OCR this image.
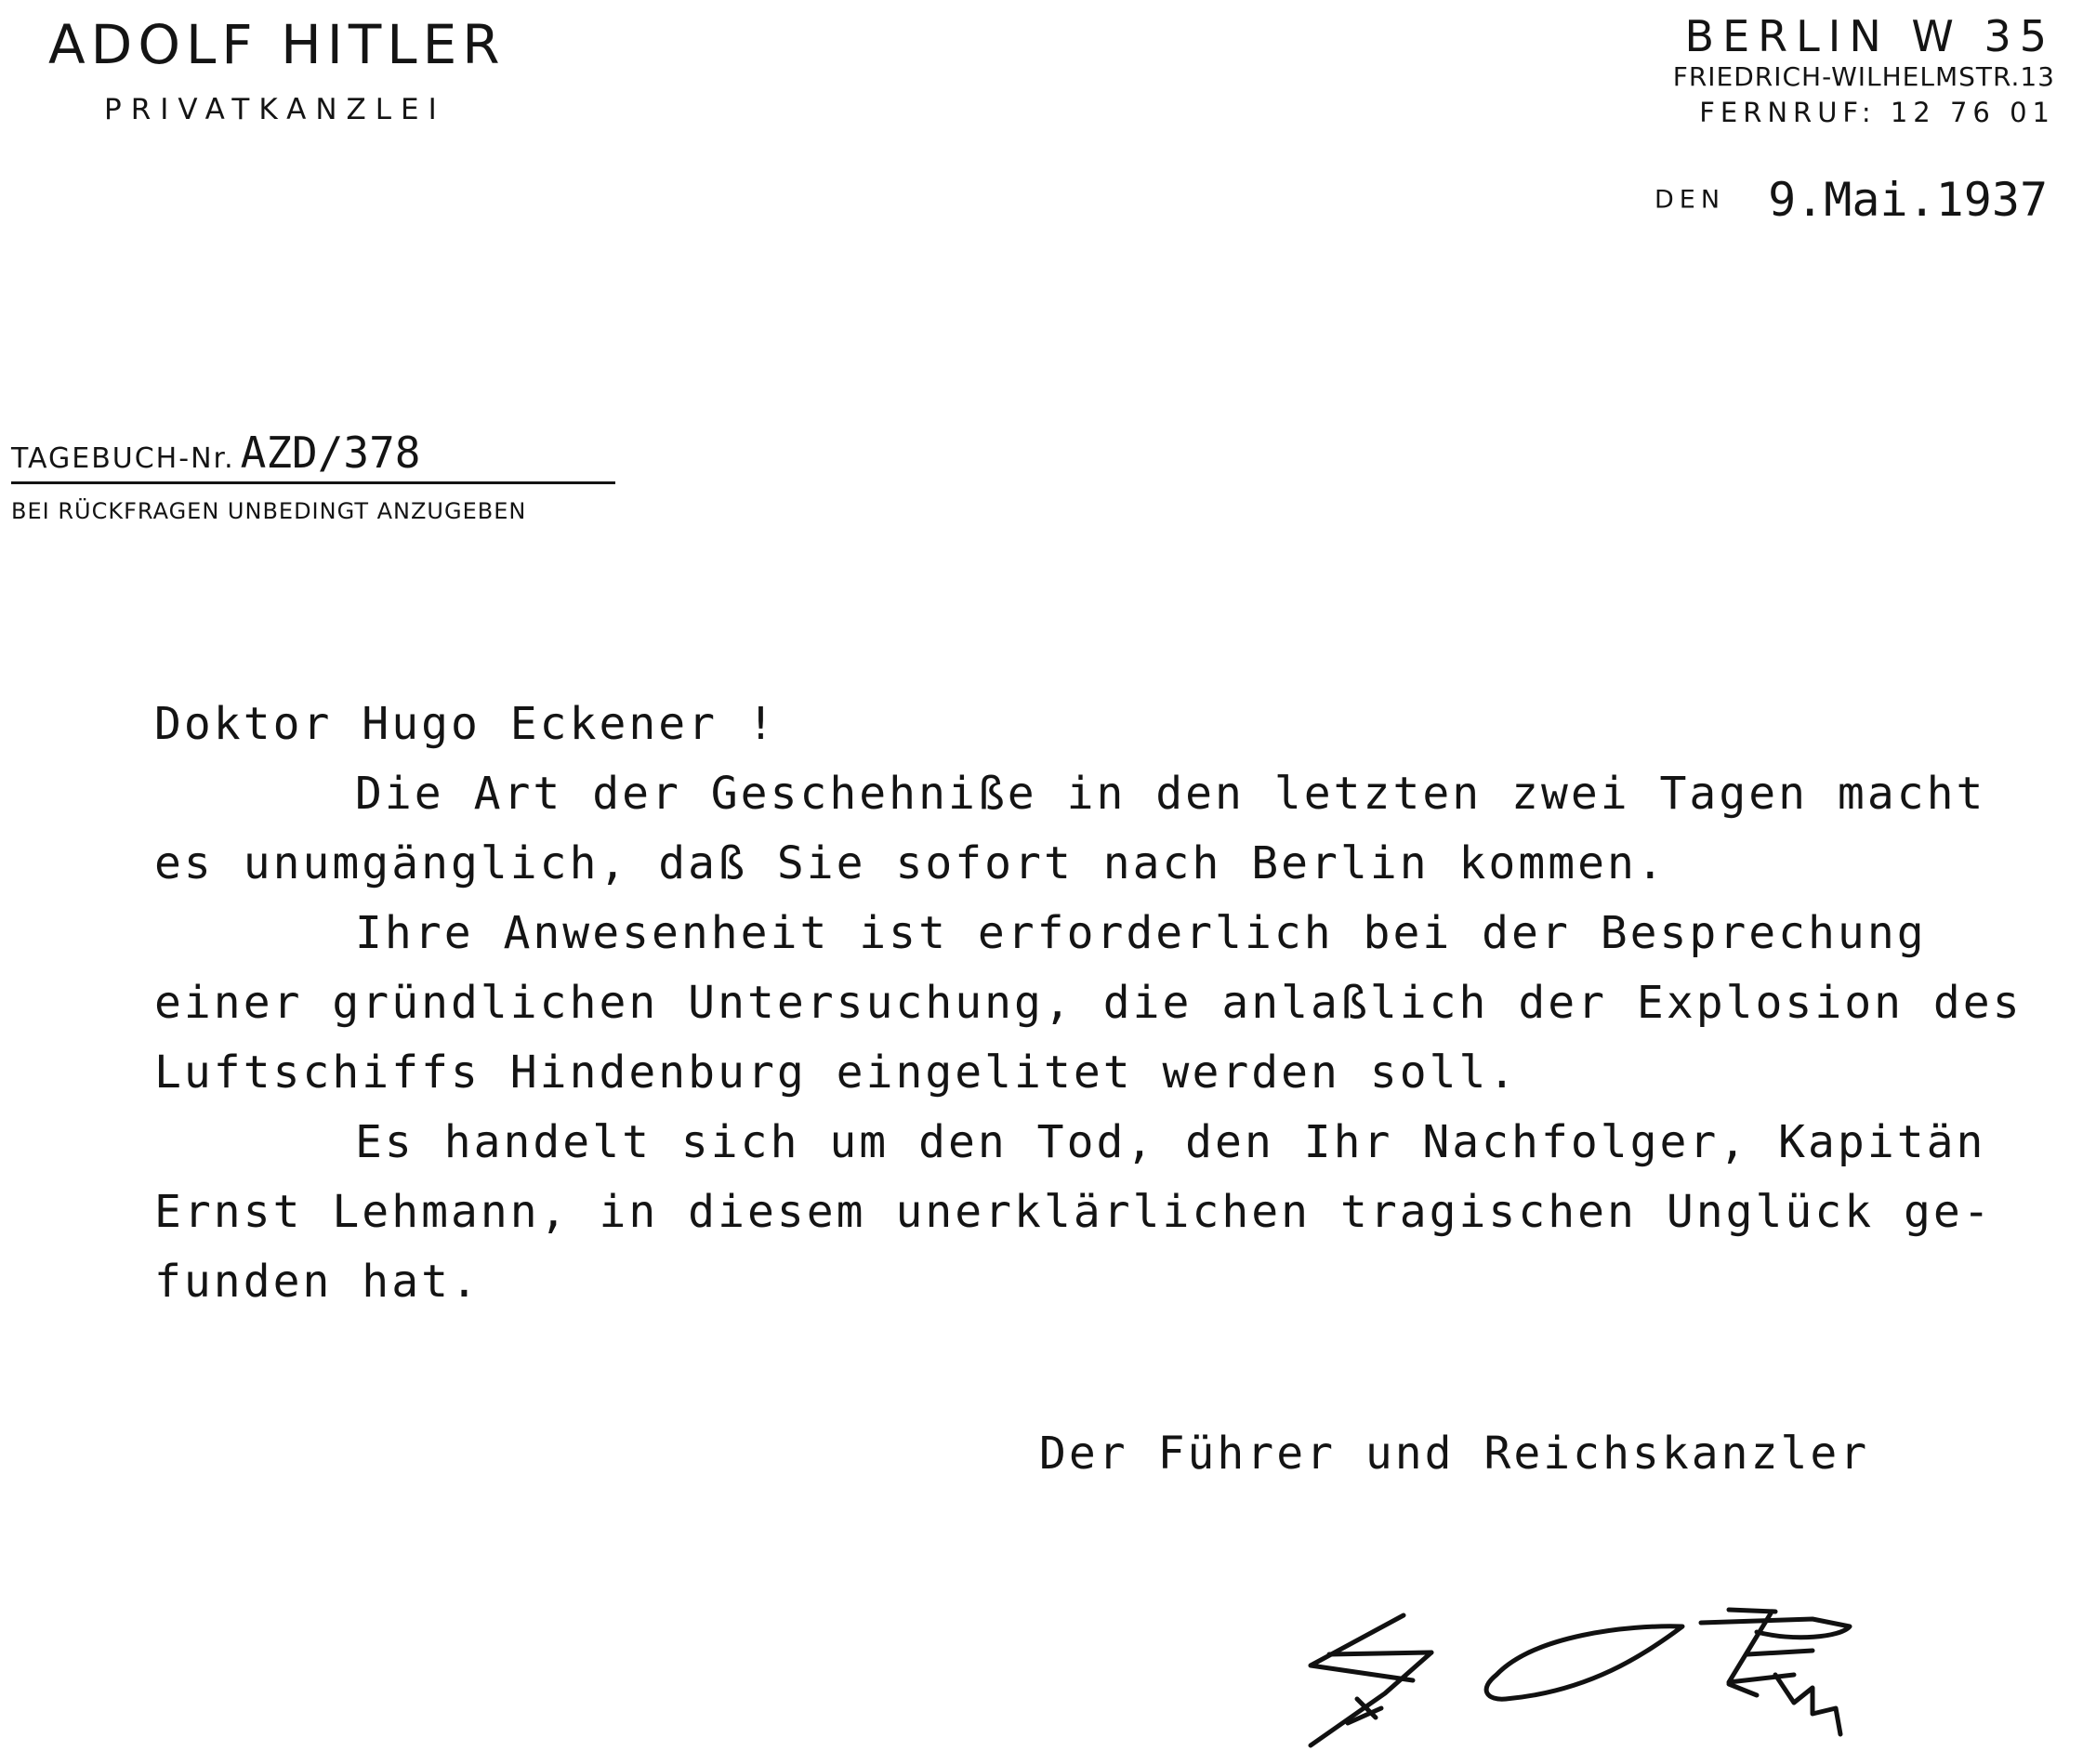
ADOLF HITLER
PRIVATKANZLEI
BERLIN W 35
FRIEDRICH-WILHELMSTR.13
FERNRUF: 12 76 01
DEN 9.Mai.1937
TAGEBUCH-Nr. AZD/378
BEI RÜCKFRAGEN UNBEDINGT ANZUGEBEN
Doktor Hugo Eckener !
Die Art der Geschehniße in den letzten zwei Tagen macht
es unumgänglich, daß Sie sofort nach Berlin kommen.
Ihre Anwesenheit ist erforderlich bei der Besprechung
einer gründlichen Untersuchung, die anlaßlich der Explosion des
Luftschiffs Hindenburg eingelitet werden soll.
Es handelt sich um den Tod, den Ihr Nachfolger, Kapitän
Ernst Lehmann, in diesem unerklärlichen tragischen Unglück ge-
funden hat.
Der Führer und Reichskanzler
